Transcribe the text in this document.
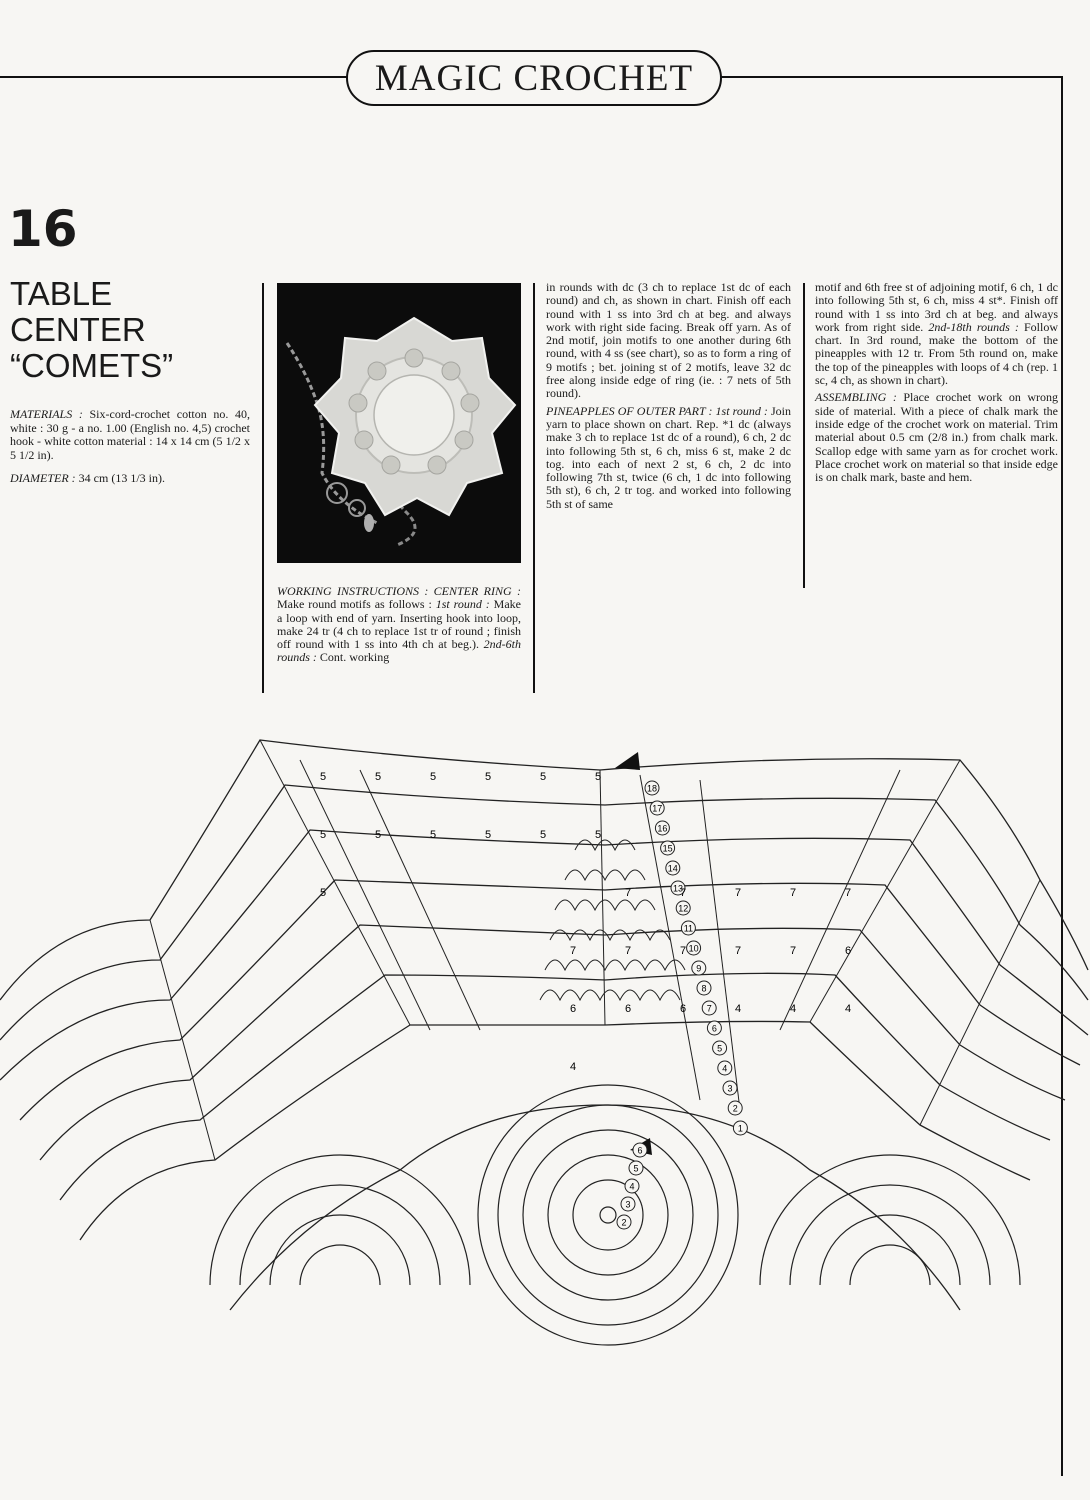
MAGIC CROCHET
16
TABLE
CENTER
“COMETS”

MATERIALS : Six-cord-crochet cotton no. 40, white : 30 g - a no. 1.00 (English no. 4,5) crochet hook - white cotton material : 14 x 14 cm (5 1/2 x 5 1/2 in).

DIAMETER : 34 cm (13 1/3 in).

WORKING INSTRUCTIONS : CENTER RING : Make round motifs as follows : 1st round : Make a loop with end of yarn. Inserting hook into loop, make 24 tr (4 ch to replace 1st tr of round ; finish off round with 1 ss into 4th ch at beg.). 2nd-6th rounds : Cont. working

in rounds with dc (3 ch to replace 1st dc of each round) and ch, as shown in chart. Finish off each round with 1 ss into 3rd ch at beg. and always work with right side facing. Break off yarn. As of 2nd motif, join motifs to one another during 6th round, with 4 ss (see chart), so as to form a ring of 9 motifs ; bet. joining st of 2 motifs, leave 32 dc free along inside edge of ring (ie. : 7 nets of 5th round).

PINEAPPLES OF OUTER PART : 1st round : Join yarn to place shown on chart. Rep. *1 dc (always make 3 ch to replace 1st dc of a round), 6 ch, 2 dc into following 5th st, 6 ch, miss 6 st, make 2 dc tog. into each of next 2 st, 6 ch, 2 dc into following 7th st, twice (6 ch, 1 dc into following 5th st), 6 ch, 2 tr tog. and worked into following 5th st of same

motif and 6th free st of adjoining motif, 6 ch, 1 dc into following 5th st, 6 ch, miss 4 st*. Finish off round with 1 ss into 3rd ch at beg. and always work from right side. 2nd-18th rounds : Follow chart. In 3rd round, make the bottom of the pineapples with 12 tr. From 5th round on, make the top of the pineapples with loops of 4 ch (rep. 1 sc, 4 ch, as shown in chart).

ASSEMBLING : Place crochet work on wrong side of material. With a piece of chalk mark the inside edge of the crochet work on material. Trim material about 0.5 cm (2/8 in.) from chalk mark. Scallop edge with same yarn as for crochet work. Place crochet work on material so that inside edge is on chalk mark, baste and hem.

18
17
16
15
14
13
12
11
10
9
8
7
6
5
4
3
2
1
6
5
4
3
2
5	5	5	5	5	5
5	5	5	5	5	5
5	7	7	7	7	7
7	7	7	7	7	6
6	6	6	4	4	4
4
